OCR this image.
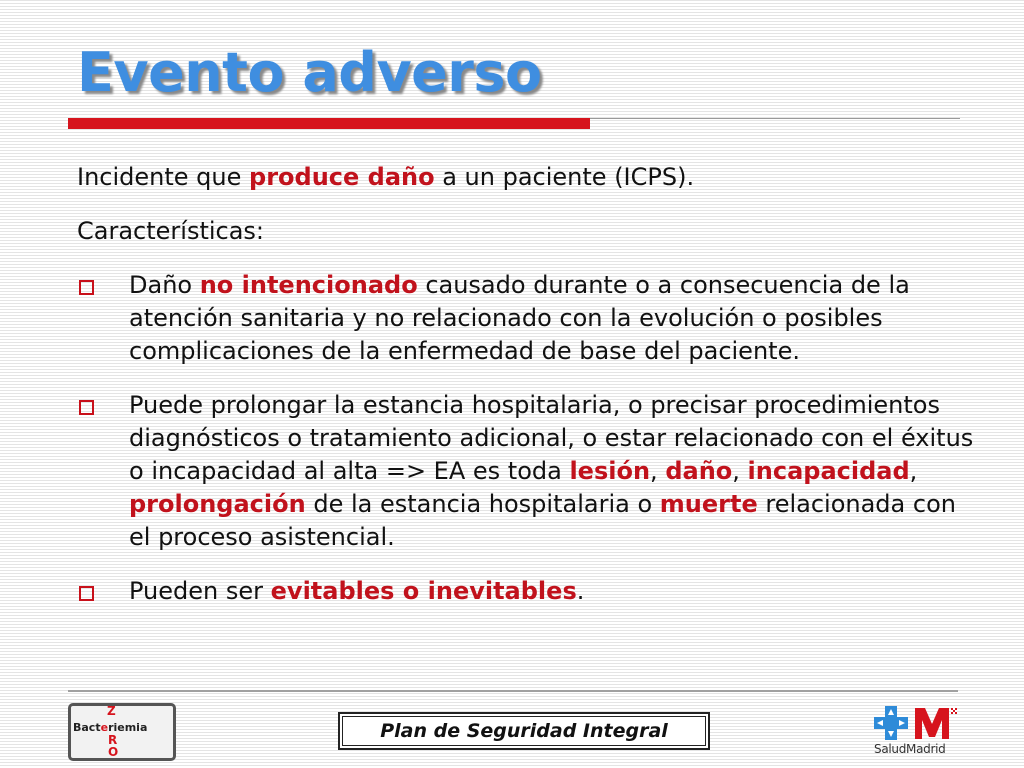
Evento adverso

Incidente que produce daño a un paciente (ICPS).

Características:

Daño no intencionado causado durante o a consecuencia de la atención sanitaria y no relacionado con la evolución o posibles complicaciones de la enfermedad de base del paciente.
Puede prolongar la estancia hospitalaria, o precisar procedimientos diagnósticos o tratamiento adicional, o estar relacionado con el éxitus o incapacidad al alta => EA es toda lesión, daño, incapacidad, prolongación de la estancia hospitalaria o muerte relacionada con el proceso asistencial.
Pueden ser evitables o inevitables.
Z
Bacteriemia
R
O
Plan de Seguridad Integral
SaludMadrid
